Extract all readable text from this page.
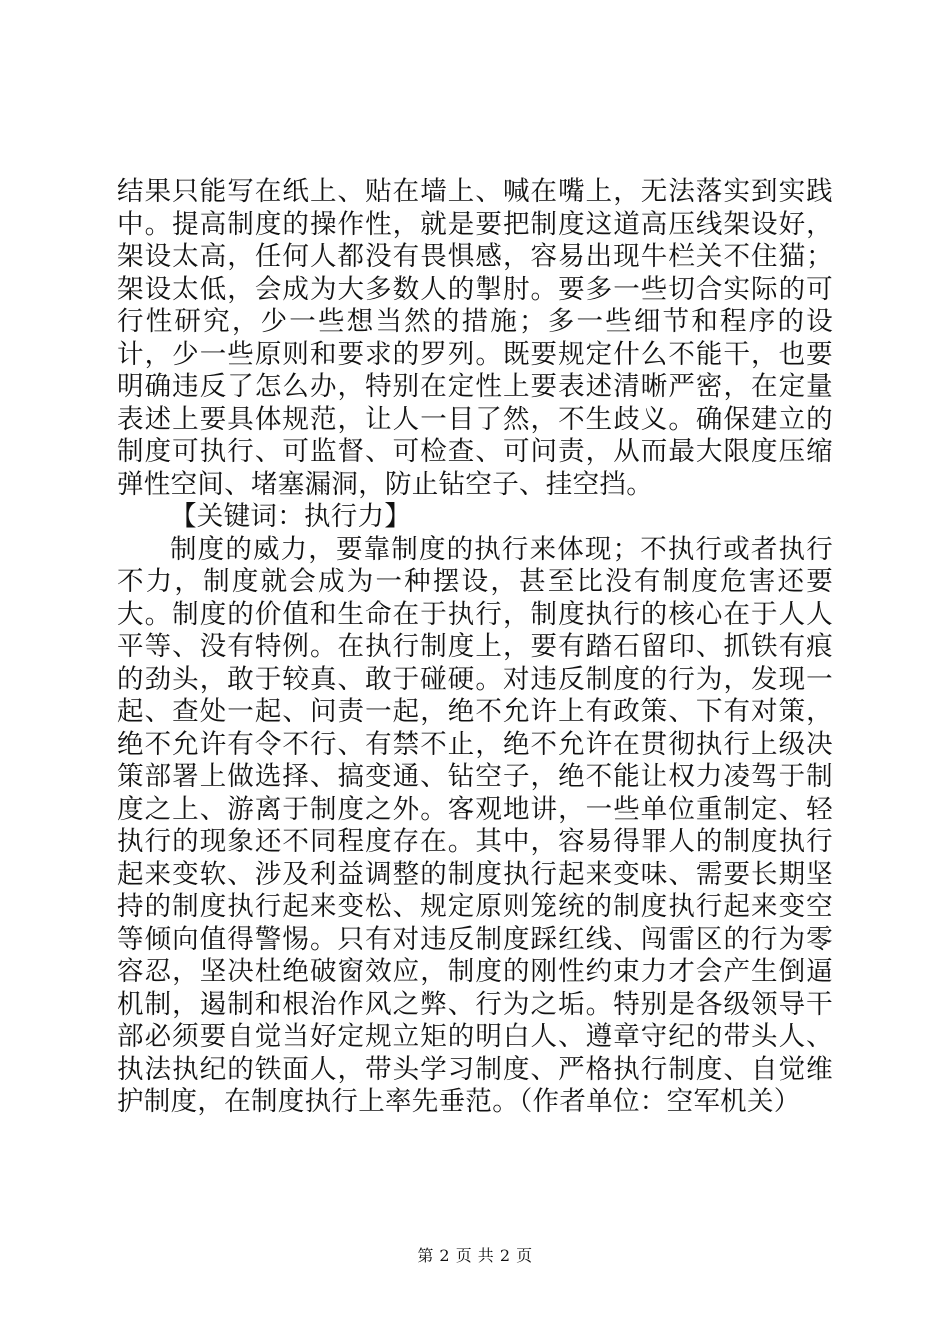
结果只能写在纸上、贴在墙上、喊在嘴上，无法落实到实践中。提高制度的操作性，就是要把制度这道高压线架设好，架设太高，任何人都没有畏惧感，容易出现牛栏关不住猫；架设太低，会成为大多数人的掣肘。要多一些切合实际的可行性研究，少一些想当然的措施；多一些细节和程序的设计，少一些原则和要求的罗列。既要规定什么不能干，也要明确违反了怎么办，特别在定性上要表述清晰严密，在定量表述上要具体规范，让人一目了然，不生歧义。确保建立的制度可执行、可监督、可检查、可问责，从而最大限度压缩弹性空间、堵塞漏洞，防止钻空子、挂空挡。

【关键词：执行力】

制度的威力，要靠制度的执行来体现；不执行或者执行不力，制度就会成为一种摆设，甚至比没有制度危害还要大。制度的价值和生命在于执行，制度执行的核心在于人人平等、没有特例。在执行制度上，要有踏石留印、抓铁有痕的劲头，敢于较真、敢于碰硬。对违反制度的行为，发现一起、查处一起、问责一起，绝不允许上有政策、下有对策，绝不允许有令不行、有禁不止，绝不允许在贯彻执行上级决策部署上做选择、搞变通、钻空子，绝不能让权力凌驾于制度之上、游离于制度之外。客观地讲，一些单位重制定、轻执行的现象还不同程度存在。其中，容易得罪人的制度执行起来变软、涉及利益调整的制度执行起来变味、需要长期坚持的制度执行起来变松、规定原则笼统的制度执行起来变空等倾向值得警惕。只有对违反制度踩红线、闯雷区的行为零容忍，坚决杜绝破窗效应，制度的刚性约束力才会产生倒逼机制，遏制和根治作风之弊、行为之垢。特别是各级领导干部必须要自觉当好定规立矩的明白人、遵章守纪的带头人、执法执纪的铁面人，带头学习制度、严格执行制度、自觉维护制度，在制度执行上率先垂范。（作者单位：空军机关）

第 2 页 共 2 页
